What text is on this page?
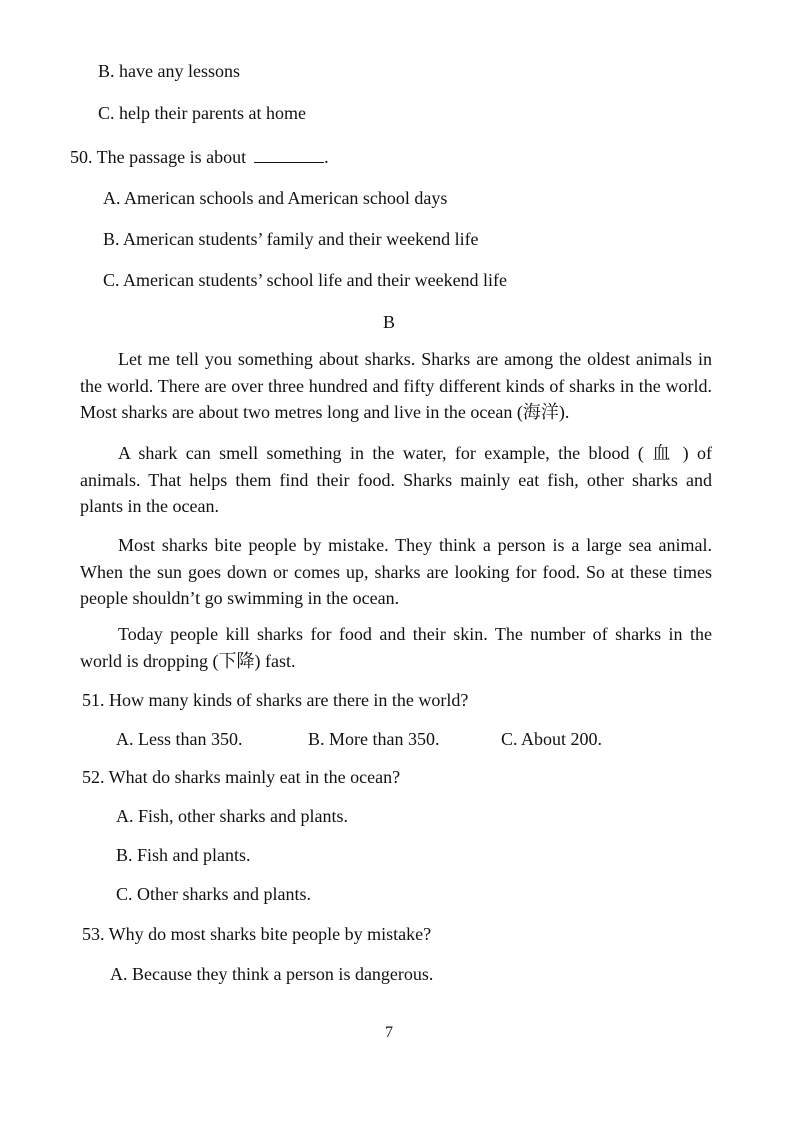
B. have any lessons
C. help their parents at home
50. The passage is about	.
A. American schools and American school days
B. American students’ family and their weekend life
C. American students’ school life and their weekend life
B
Let me tell you something about sharks. Sharks are among the oldest animals in the world. There are over three hundred and fifty different kinds of sharks in the world. Most sharks are about two metres long and live in the ocean (海洋).
A shark can smell something in the water, for example, the blood ( 血 ) of animals. That helps them find their food. Sharks mainly eat fish, other sharks and plants in the ocean.
Most sharks bite people by mistake. They think a person is a large sea animal. When the sun goes down or comes up, sharks are looking for food. So at these times people shouldn’t go swimming in the ocean.
Today people kill sharks for food and their skin. The number of sharks in the world is dropping (下降) fast.
51. How many kinds of sharks are there in the world?
A. Less than 350.	B. More than 350.	C. About 200.
52. What do sharks mainly eat in the ocean?
A. Fish, other sharks and plants.
B. Fish and plants.
C. Other sharks and plants.
53. Why do most sharks bite people by mistake?
A. Because they think a person is dangerous.
7
